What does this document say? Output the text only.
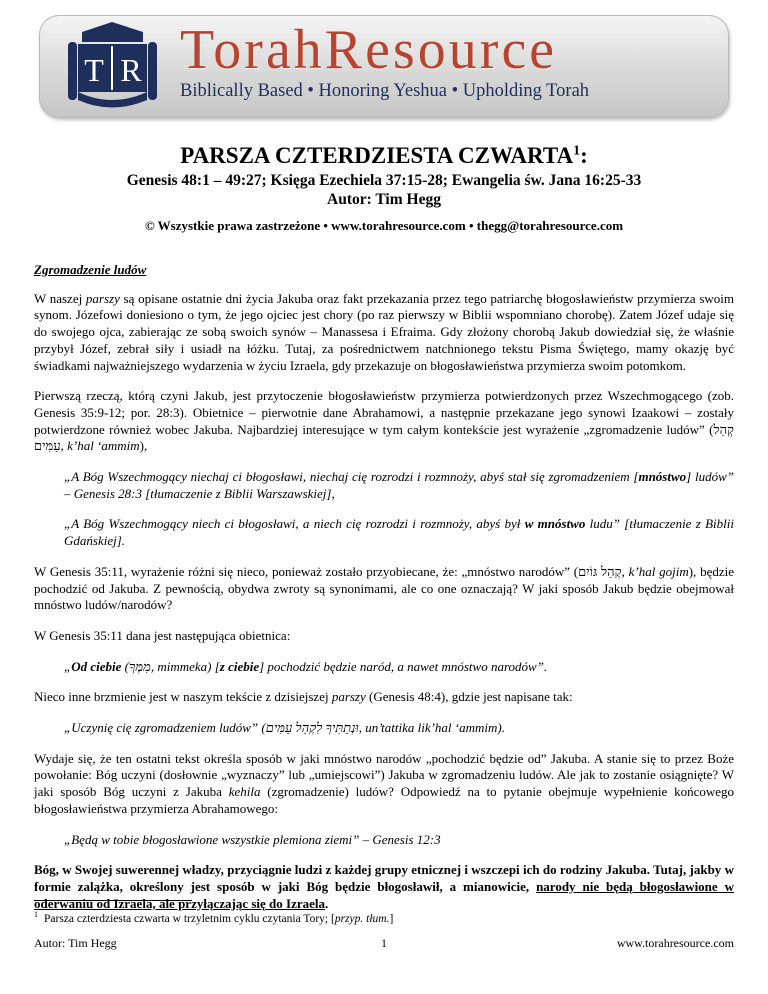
T R TorahResource
Biblically Based • Honoring Yeshua • Upholding Torah
PARSZA CZTERDZIESTA CZWARTA$^1$:
Genesis 48:1 – 49:27; Księga Ezechiela 37:15-28; Ewangelia św. Jana 16:25-33
Autor: Tim Hegg
© Wszystkie prawa zastrzeżone • www.torahresource.com • thegg@torahresource.com

Zgromadzenie ludów

W naszej parszy są opisane ostatnie dni życia Jakuba oraz fakt przekazania przez tego patriarchę błogosławieństw przymierza swoim synom. Józefowi doniesiono o tym, że jego ojciec jest chory (po raz pierwszy w Biblii wspomniano chorobę). Zatem Józef udaje się do swojego ojca, zabierając ze sobą swoich synów – Manassesa i Efraima. Gdy złożony chorobą Jakub dowiedział się, że właśnie przybył Józef, zebrał siły i usiadł na łóżku. Tutaj, za pośrednictwem natchnionego tekstu Pisma Świętego, mamy okazję być świadkami najważniejszego wydarzenia w życiu Izraela, gdy przekazuje on błogosławieństwa przymierza swoim potomkom.

Pierwszą rzeczą, którą czyni Jakub, jest przytoczenie błogosławieństw przymierza potwierdzonych przez Wszechmogącego (zob. Genesis 35:9-12; por. 28:3). Obietnice – pierwotnie dane Abrahamowi, a następnie przekazane jego synowi Izaakowi – zostały potwierdzone również wobec Jakuba. Najbardziej interesujące w tym całym kontekście jest wyrażenie „zgromadzenie ludów” (קְהַל עַמִּים, k’hal ‘ammim),

„A Bóg Wszechmogący niechaj ci błogosławi, niechaj cię rozrodzi i rozmnoży, abyś stał się zgromadzeniem [mnóstwo] ludów” – Genesis 28:3 [tłumaczenie z Biblii Warszawskiej],

„A Bóg Wszechmogący niech ci błogosławi, a niech cię rozrodzi i rozmnoży, abyś był w mnóstwo ludu” [tłumaczenie z Biblii Gdańskiej].

W Genesis 35:11, wyrażenie różni się nieco, ponieważ zostało przyobiecane, że: „mnóstwo narodów” (קְהַל גּוֹיִם, k’hal gojim), będzie pochodzić od Jakuba. Z pewnością, obydwa zwroty są synonimami, ale co one oznaczają? W jaki sposób Jakub będzie obejmował mnóstwo ludów/narodów?

W Genesis 35:11 dana jest następująca obietnica:

„Od ciebie (מִמְּךָ, mimmeka) [z ciebie] pochodzić będzie naród, a nawet mnóstwo narodów”.

Nieco inne brzmienie jest w naszym tekście z dzisiejszej parszy (Genesis 48:4), gdzie jest napisane tak:

„Uczynię cię zgromadzeniem ludów” (וּנְתַתִּיךָ לִקְהַל עַמִּים, un’tattika lik’hal ‘ammim).

Wydaje się, że ten ostatni tekst określa sposób w jaki mnóstwo narodów „pochodzić będzie od” Jakuba. A stanie się to przez Boże powołanie: Bóg uczyni (dosłownie „wyznaczy” lub „umiejscowi”) Jakuba w zgromadzeniu ludów. Ale jak to zostanie osiągnięte? W jaki sposób Bóg uczyni z Jakuba kehila (zgromadzenie) ludów? Odpowiedź na to pytanie obejmuje wypełnienie końcowego błogosławieństwa przymierza Abrahamowego:

„Będą w tobie błogosławione wszystkie plemiona ziemi” – Genesis 12:3

Bóg, w Swojej suwerennej władzy, przyciągnie ludzi z każdej grupy etnicznej i wszczepi ich do rodziny Jakuba. Tutaj, jakby w formie zalążka, określony jest sposób w jaki Bóg będzie błogosławił, a mianowicie, narody nie będą błogosławione w oderwaniu od Izraela, ale przyłączając się do Izraela.

$^1$ Parsza czterdziesta czwarta w trzyletnim cyklu czytania Tory; [przyp. tłum.]
Autor: Tim Hegg	1	www.torahresource.com
